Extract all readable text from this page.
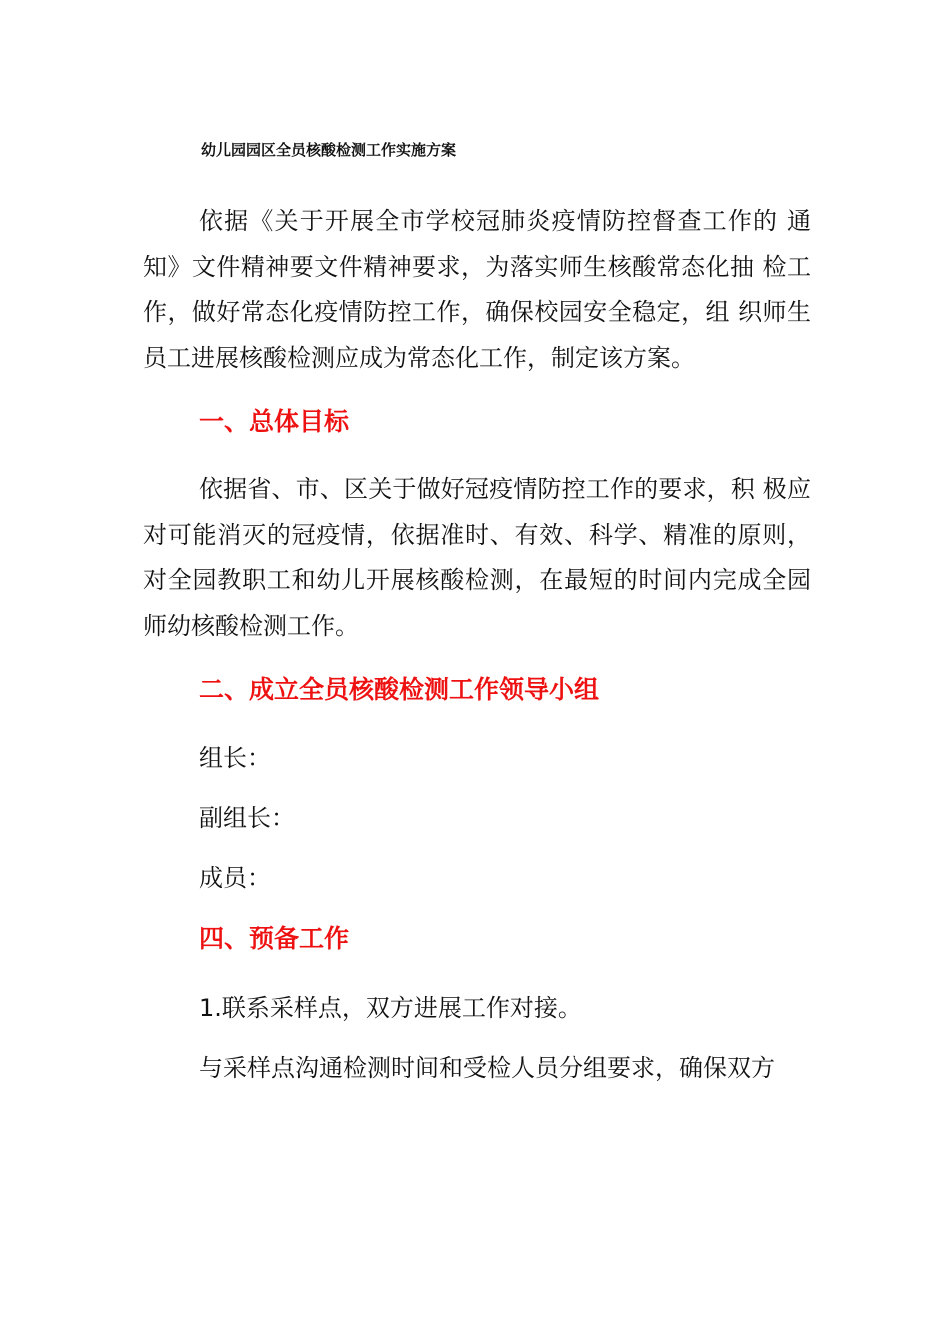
幼儿园园区全员核酸检测工作实施方案

依据《关于开展全市学校冠肺炎疫情防控督查工作的 通知》文件精神要文件精神要求，为落实师生核酸常态化抽 检工作，做好常态化疫情防控工作，确保校园安全稳定，组 织师生员工进展核酸检测应成为常态化工作，制定该方案。

一、总体目标

依据省、市、区关于做好冠疫情防控工作的要求，积 极应对可能消灭的冠疫情，依据准时、有效、科学、精准的原则，对全园教职工和幼儿开展核酸检测，在最短的时间内完成全园师幼核酸检测工作。

二、成立全员核酸检测工作领导小组

组长：

副组长：

成员：

四、预备工作

1.联系采样点，双方进展工作对接。

与采样点沟通检测时间和受检人员分组要求，确保双方
